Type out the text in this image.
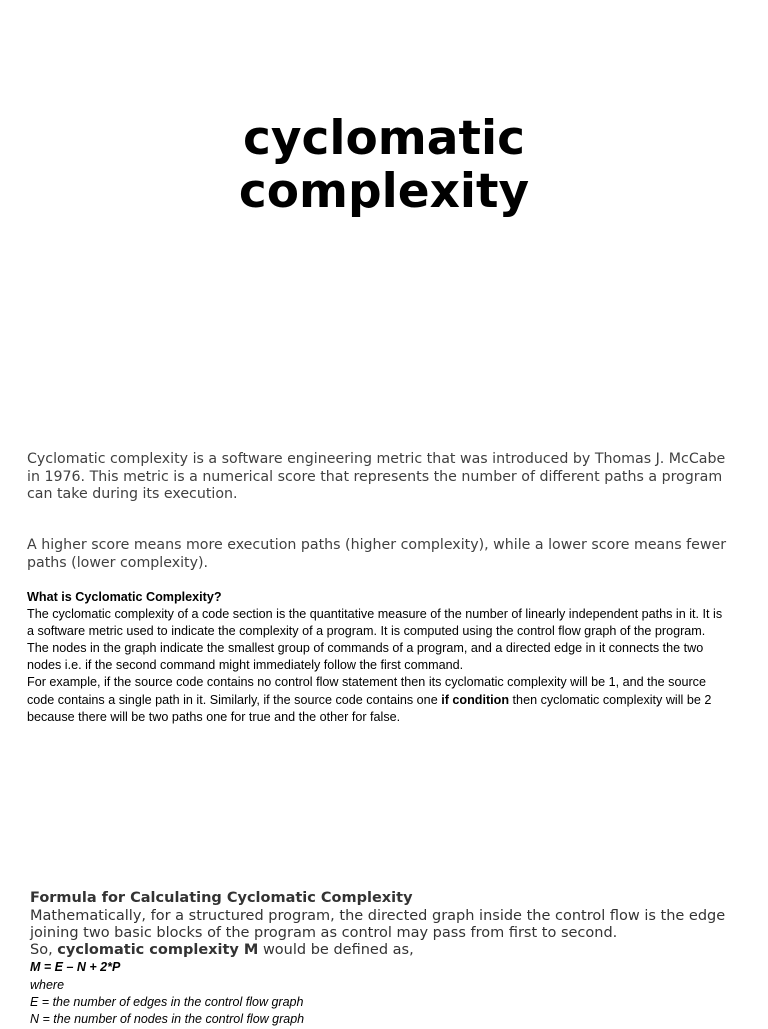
cyclomatic
complexity

Cyclomatic complexity is a software engineering metric that was introduced by Thomas J. McCabe in 1976. This metric is a numerical score that represents the number of different paths a program can take during its execution.

A higher score means more execution paths (higher complexity), while a lower score means fewer paths (lower complexity).

What is Cyclomatic Complexity?

The cyclomatic complexity of a code section is the quantitative measure of the number of linearly independent paths in it. It is a software metric used to indicate the complexity of a program. It is computed using the control flow graph of the program. The nodes in the graph indicate the smallest group of commands of a program, and a directed edge in it connects the two nodes i.e. if the second command might immediately follow the first command.

For example, if the source code contains no control flow statement then its cyclomatic complexity will be 1, and the source code contains a single path in it. Similarly, if the source code contains one if condition then cyclomatic complexity will be 2 because there will be two paths one for true and the other for false.

Formula for Calculating Cyclomatic Complexity

Mathematically, for a structured program, the directed graph inside the control flow is the edge joining two basic blocks of the program as control may pass from first to second.

So, cyclomatic complexity M would be defined as,

M = E – N + 2*P

where

E = the number of edges in the control flow graph

N = the number of nodes in the control flow graph
